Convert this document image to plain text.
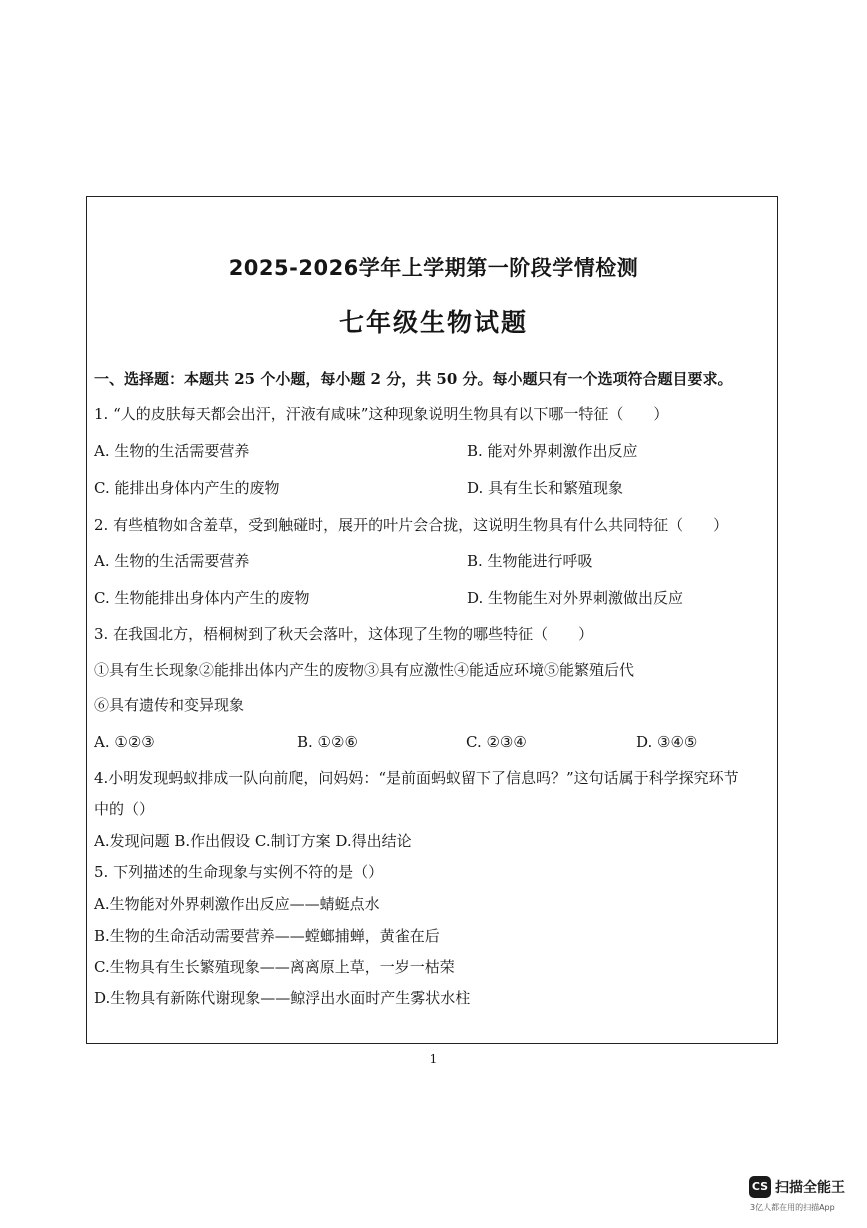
2025-2026学年上学期第一阶段学情检测
七年级生物试题
一、选择题：本题共 25 个小题，每小题 2 分，共 50 分。每小题只有一个选项符合题目要求。
1. “人的皮肤每天都会出汗，汗液有咸味”这种现象说明生物具有以下哪一特征（　　）
A. 生物的生活需要营养	B. 能对外界刺激作出反应
C. 能排出身体内产生的废物	D. 具有生长和繁殖现象
2. 有些植物如含羞草，受到触碰时，展开的叶片会合拢，这说明生物具有什么共同特征（　　）
A. 生物的生活需要营养	B. 生物能进行呼吸
C. 生物能排出身体内产生的废物	D. 生物能生对外界刺激做出反应
3. 在我国北方，梧桐树到了秋天会落叶，这体现了生物的哪些特征（　　）
①具有生长现象②能排出体内产生的废物③具有应激性④能适应环境⑤能繁殖后代
⑥具有遗传和变异现象
A. ①②③	B. ①②⑥	C. ②③④	D. ③④⑤
4.小明发现蚂蚁排成一队向前爬，问妈妈：“是前面蚂蚁留下了信息吗？”这句话属于科学探究环节
中的（）
A.发现问题 B.作出假设 C.制订方案 D.得出结论
5. 下列描述的生命现象与实例不符的是（）
A.生物能对外界刺激作出反应——蜻蜓点水
B.生物的生命活动需要营养——螳螂捕蝉，黄雀在后
C.生物具有生长繁殖现象——离离原上草，一岁一枯荣
D.生物具有新陈代谢现象——鲸浮出水面时产生雾状水柱
1
CS 扫描全能王
3亿人都在用的扫描App
